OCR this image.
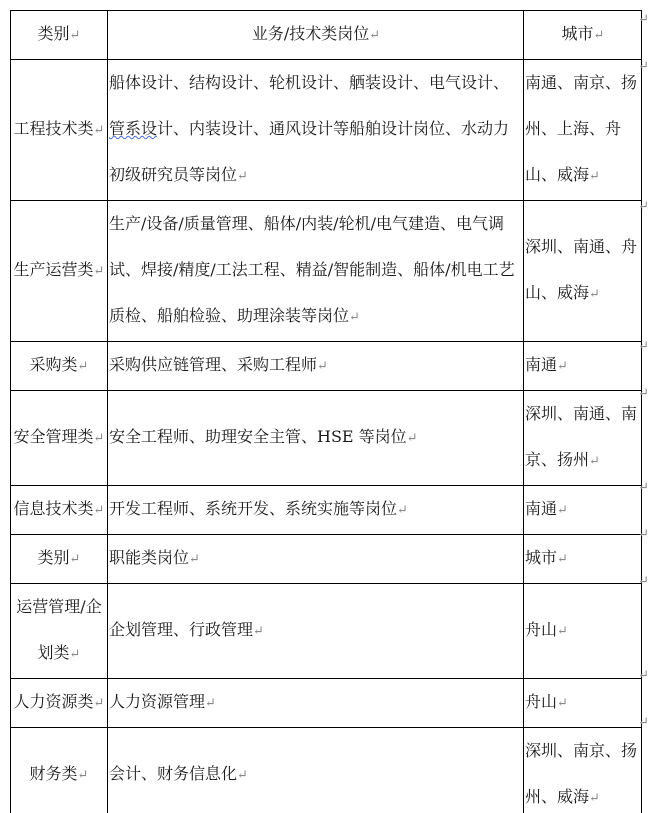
类别↵	业务/技术类岗位↵	城市↵
工程技术类↵	船体设计、结构设计、轮机设计、舾装设计、电气设计、管系设计、内装设计、通风设计等船舶设计岗位、水动力初级研究员等岗位↵	南通、南京、扬州、上海、舟山、威海↵
生产运营类↵	生产/设备/质量管理、船体/内装/轮机/电气建造、电气调试、焊接/精度/工法工程、精益/智能制造、船体/机电工艺质检、船舶检验、助理涂装等岗位↵	深圳、南通、舟山、威海↵
采购类↵	采购供应链管理、采购工程师↵	南通↵
安全管理类↵	安全工程师、助理安全主管、HSE 等岗位↵	深圳、南通、南京、扬州↵
信息技术类↵	开发工程师、系统开发、系统实施等岗位↵	南通↵
类别↵	职能类岗位↵	城市↵
运营管理/企划类↵	企划管理、行政管理↵	舟山↵
人力资源类↵	人力资源管理↵	舟山↵
财务类↵	会计、财务信息化↵	深圳、南京、扬州、威海↵
↵
↵
↵
↵
↵
↵
↵
↵
↵
↵
